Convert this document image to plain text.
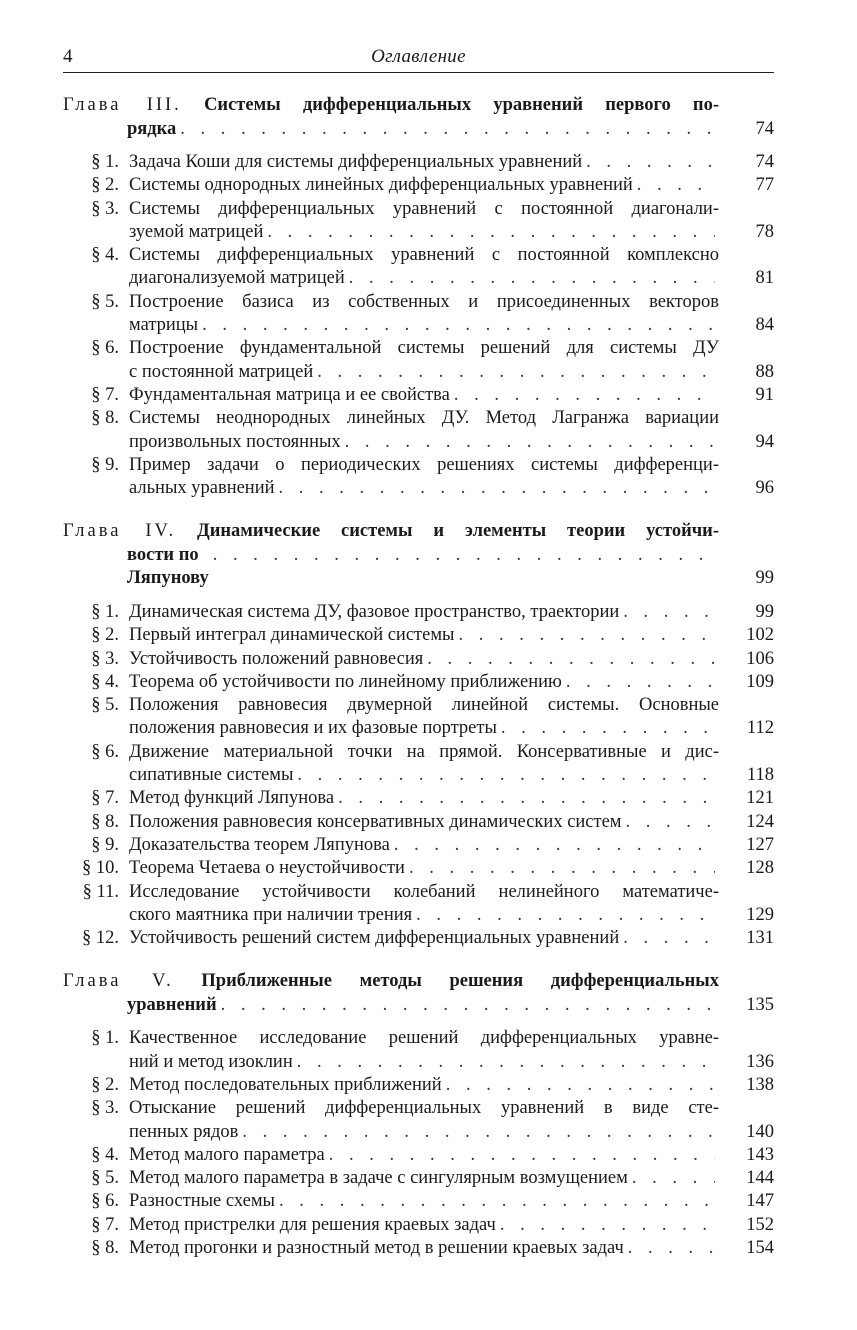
4	Оглавление
Глава III. Системы дифференциальных уравнений первого по-
рядка . . .	74
§ 1. Задача Коши для системы дифференциальных уравнений . . .	74
§ 2. Системы однородных линейных дифференциальных уравнений . . .	77
§ 3. Системы дифференциальных уравнений с постоянной диагонали-
зуемой матрицей . . .	78
§ 4. Системы дифференциальных уравнений с постоянной комплексно
диагонализуемой матрицей . . .	81
§ 5. Построение базиса из собственных и присоединенных векторов
матрицы . . .	84
§ 6. Построение фундаментальной системы решений для системы ДУ
с постоянной матрицей . . .	88
§ 7. Фундаментальная матрица и ее свойства . . .	91
§ 8. Системы неоднородных линейных ДУ. Метод Лагранжа вариации
произвольных постоянных . . .	94
§ 9. Пример задачи о периодических решениях системы дифференци-
альных уравнений . . .	96
Глава IV. Динамические системы и элементы теории устойчи-
вости по Ляпунову
. . .	99
§ 1. Динамическая система ДУ, фазовое пространство, траектории . . .	99
§ 2. Первый интеграл динамической системы . . .	102
§ 3. Устойчивость положений равновесия . . .	106
§ 4. Теорема об устойчивости по линейному приближению . . .	109
§ 5. Положения равновесия двумерной линейной системы. Основные
положения равновесия и их фазовые портреты . . .	112
§ 6. Движение материальной точки на прямой. Консервативные и дис-
сипативные системы . . .	118
§ 7. Метод функций Ляпунова . . .	121
§ 8. Положения равновесия консервативных динамических систем . . .	124
§ 9. Доказательства теорем Ляпунова . . .	127
§ 10. Теорема Четаева о неустойчивости . . .	128
§ 11. Исследование устойчивости колебаний нелинейного математиче-
ского маятника при наличии трения . . .	129
§ 12. Устойчивость решений систем дифференциальных уравнений . . .	131
Глава V. Приближенные методы решения дифференциальных
уравнений . . .	135
§ 1. Качественное исследование решений дифференциальных уравне-
ний и метод изоклин . . .	136
§ 2. Метод последовательных приближений . . .	138
§ 3. Отыскание решений дифференциальных уравнений в виде сте-
пенных рядов . . .	140
§ 4. Метод малого параметра . . .	143
§ 5. Метод малого параметра в задаче с сингулярным возмущением . . .	144
§ 6. Разностные схемы . . .	147
§ 7. Метод пристрелки для решения краевых задач . . .	152
§ 8. Метод прогонки и разностный метод в решении краевых задач . . .	154
